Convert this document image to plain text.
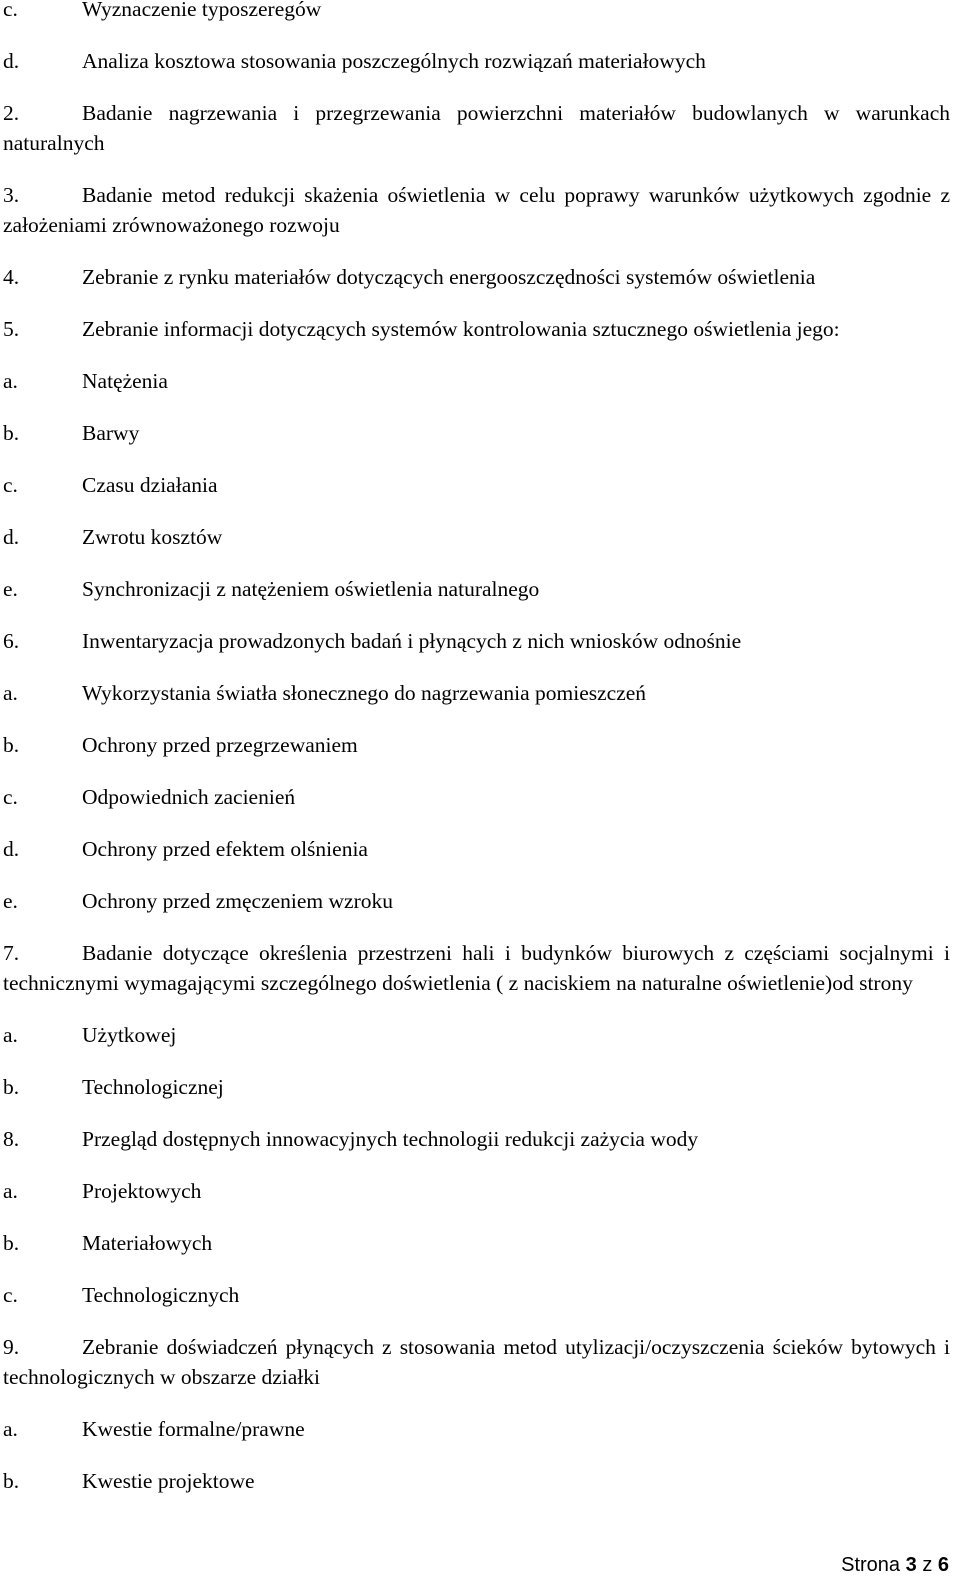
c.	Wyznaczenie typoszeregów

d.	Analiza kosztowa stosowania poszczególnych rozwiązań materiałowych

2.	Badanie nagrzewania i przegrzewania powierzchni materiałów budowlanych w warunkach naturalnych

3.	Badanie metod redukcji skażenia oświetlenia w celu poprawy warunków użytkowych zgodnie z założeniami zrównoważonego rozwoju

4.	Zebranie z rynku materiałów dotyczących energooszczędności systemów oświetlenia

5.	Zebranie informacji dotyczących systemów kontrolowania sztucznego oświetlenia jego:

a.	Natężenia

b.	Barwy

c.	Czasu działania

d.	Zwrotu kosztów

e.	Synchronizacji z natężeniem oświetlenia naturalnego

6.	Inwentaryzacja prowadzonych badań i płynących z nich wniosków odnośnie

a.	Wykorzystania światła słonecznego do nagrzewania pomieszczeń

b.	Ochrony przed przegrzewaniem

c.	Odpowiednich zacienień

d.	Ochrony przed efektem olśnienia

e.	Ochrony przed zmęczeniem wzroku

7.	Badanie dotyczące określenia przestrzeni hali i budynków biurowych z częściami socjalnymi i technicznymi wymagającymi szczególnego doświetlenia ( z naciskiem na naturalne oświetlenie)od strony

a.	Użytkowej

b.	Technologicznej

8.	Przegląd dostępnych innowacyjnych technologii redukcji zażycia wody

a.	Projektowych

b.	Materiałowych

c.	Technologicznych

9.	Zebranie doświadczeń płynących z stosowania metod utylizacji/oczyszczenia ścieków bytowych i technologicznych w obszarze działki

a.	Kwestie formalne/prawne

b.	Kwestie projektowe

Strona 3 z 6
